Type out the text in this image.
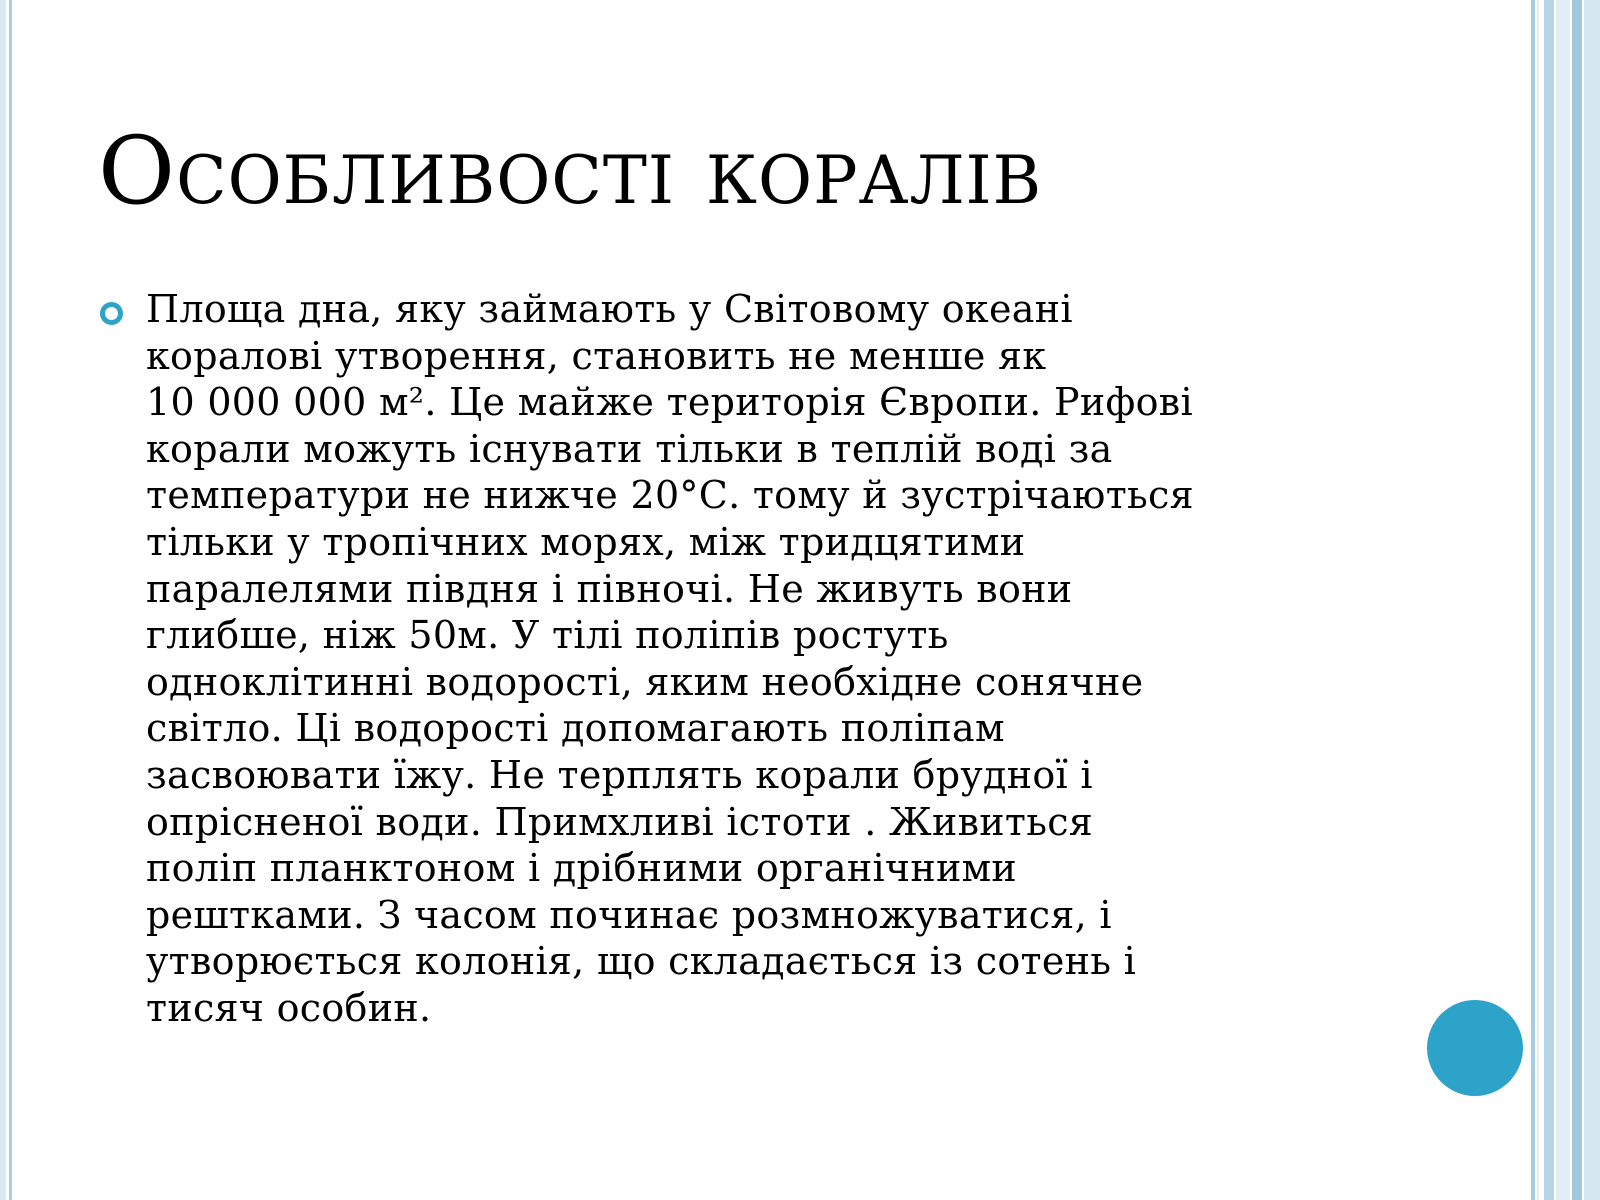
Особливості коралів

Площа дна, яку займають у Світовому океані
коралові утворення, становить не менше як
10 000 000 м². Це майже територія Європи. Рифові
корали можуть існувати тільки в теплій воді за
температури не нижче 20°С. тому й зустрічаються
тільки у тропічних морях, між тридцятими
паралелями півдня і півночі. Не живуть вони
глибше, ніж 50м. У тілі поліпів ростуть
одноклітинні водорості, яким необхідне сонячне
світло. Ці водорості допомагають поліпам
засвоювати їжу. Не терплять корали брудної і
опрісненої води. Примхливі істоти . Живиться
поліп планктоном і дрібними органічними
рештками. З часом починає розмножуватися, і
утворюється колонія, що складається із сотень і
тисяч особин.
